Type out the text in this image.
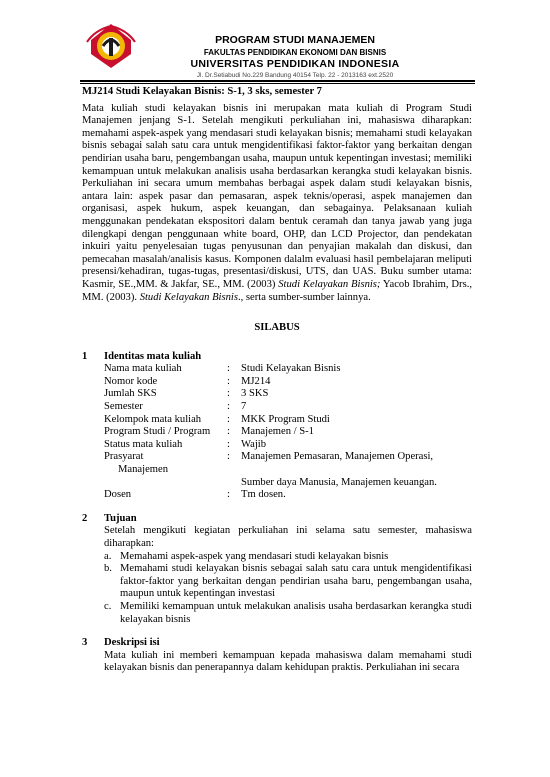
PROGRAM STUDI MANAJEMEN
FAKULTAS PENDIDIKAN EKONOMI DAN BISNIS
UNIVERSITAS PENDIDIKAN INDONESIA
Jl. Dr.Setiabudi No.229 Bandung 40154 Telp. 22 - 2013163 ext.2520
MJ214 Studi Kelayakan Bisnis: S-1, 3 sks, semester 7
Mata kuliah studi kelayakan bisnis ini merupakan mata kuliah di Program Studi Manajemen jenjang S-1. Setelah mengikuti perkuliahan ini, mahasiswa diharapkan: memahami aspek-aspek yang mendasari studi kelayakan bisnis; memahami studi kelayakan bisnis sebagai salah satu cara untuk mengidentifikasi faktor-faktor yang berkaitan dengan pendirian usaha baru, pengembangan usaha, maupun untuk kepentingan investasi; memiliki kemampuan untuk melakukan analisis usaha berdasarkan kerangka studi kelayakan bisnis. Perkuliahan ini secara umum membahas berbagai aspek dalam studi kelayakan bisnis, antara lain: aspek pasar dan pemasaran, aspek teknis/operasi, aspek manajemen dan organisasi, aspek hukum, aspek keuangan, dan sebagainya. Pelaksanaan kuliah menggunakan pendekatan ekspositori dalam bentuk ceramah dan tanya jawab yang juga dilengkapi dengan penggunaan white board, OHP, dan LCD Projector, dan pendekatan inkuiri yaitu penyelesaian tugas penyusunan dan penyajian makalah dan diskusi, dan pemecahan masalah/analisis kasus. Komponen dalalm evaluasi hasil pembelajaran meliputi presensi/kehadiran, tugas-tugas, presentasi/diskusi, UTS, dan UAS. Buku sumber utama: Kasmir, SE.,MM. & Jakfar, SE., MM. (2003) Studi Kelayakan Bisnis; Yacob Ibrahim, Drs., MM. (2003). Studi Kelayakan Bisnis., serta sumber-sumber lainnya.
SILABUS
1 Identitas mata kuliah
Nama mata kuliah	:	Studi Kelayakan Bisnis
Nomor kode	:	MJ214
Jumlah SKS	:	3 SKS
Semester	:	7
Kelompok mata kuliah	:	MKK Program Studi
Program Studi / Program	:	Manajemen / S-1
Status mata kuliah	:	Wajib
Prasyarat	:	Manajemen Pemasaran, Manajemen Operasi,
Manajemen		
		Sumber daya Manusia, Manajemen keuangan.
Dosen	:	Tm dosen.
2 Tujuan
Setelah mengikuti kegiatan perkuliahan ini selama satu semester, mahasiswa diharapkan:
a. Memahami aspek-aspek yang mendasari studi kelayakan bisnis
b. Memahami studi kelayakan bisnis sebagai salah satu cara untuk mengidentifikasi faktor-faktor yang berkaitan dengan pendirian usaha baru, pengembangan usaha, maupun untuk kepentingan investasi
c. Memiliki kemampuan untuk melakukan analisis usaha berdasarkan kerangka studi kelayakan bisnis
3 Deskripsi isi
Mata kuliah ini memberi kemampuan kepada mahasiswa dalam memahami studi kelayakan bisnis dan penerapannya dalam kehidupan praktis. Perkuliahan ini secara
